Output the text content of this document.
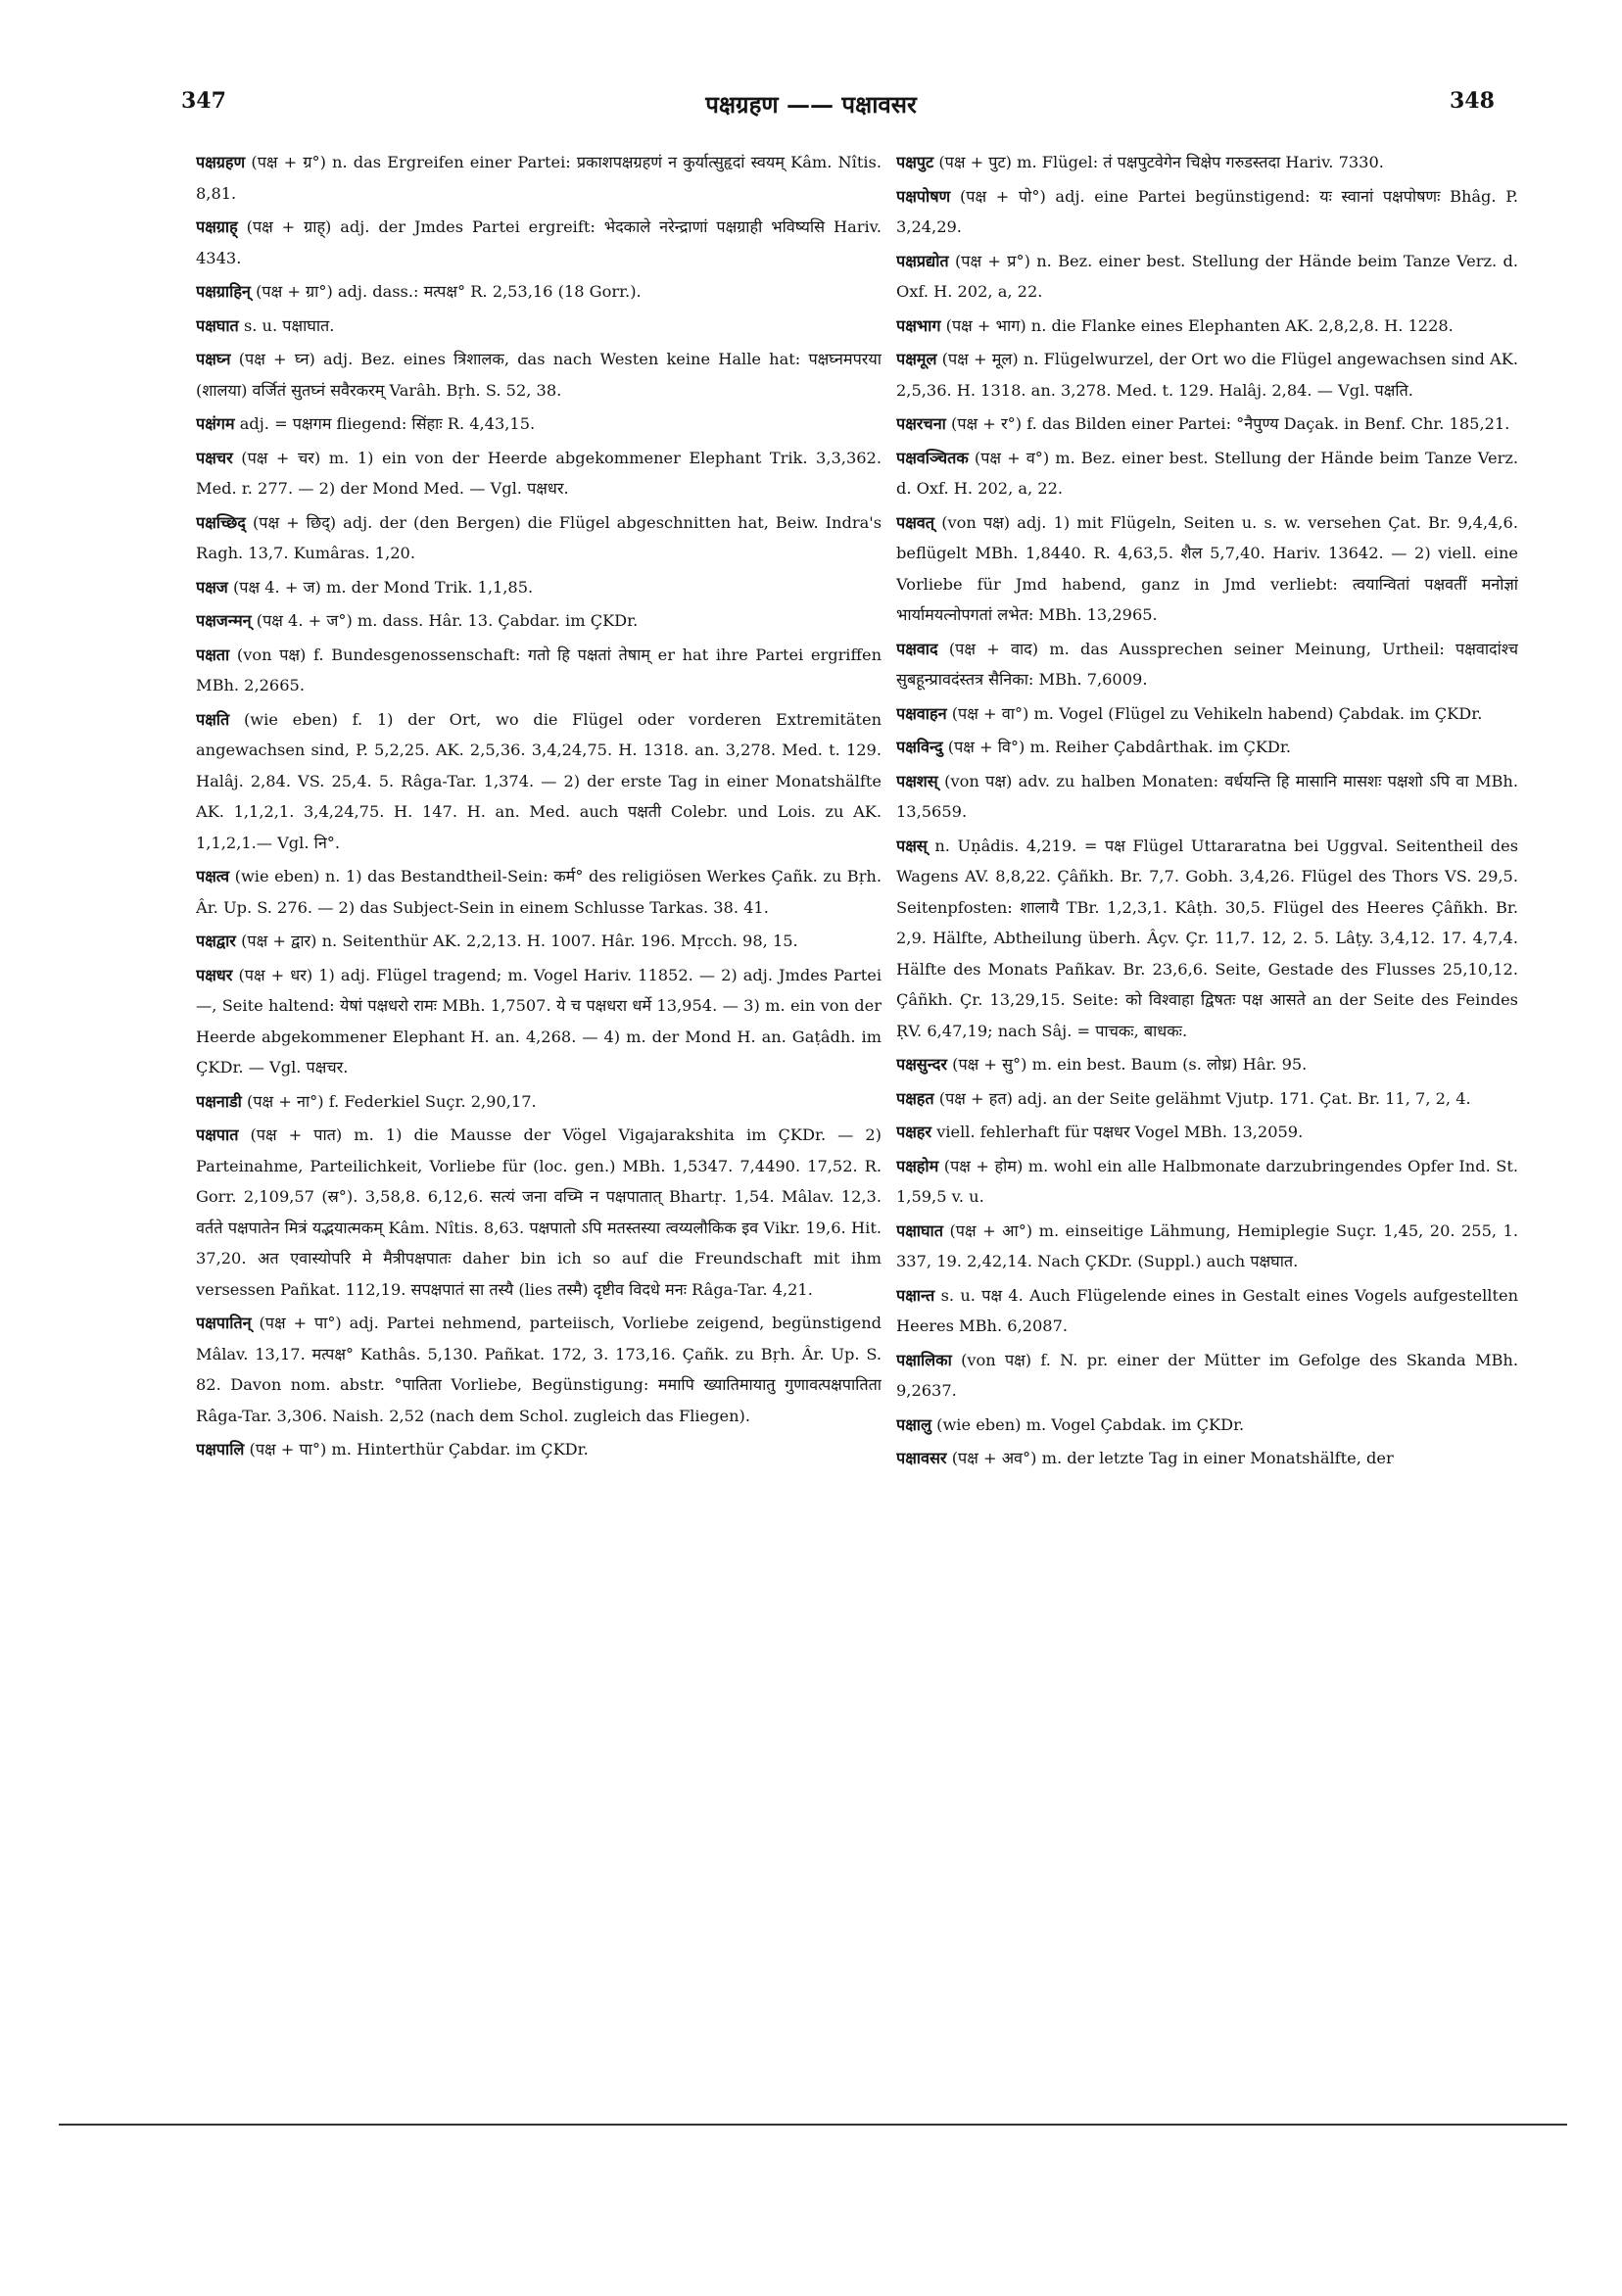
347	पक्षग्रहण —— पक्षावसर	348

पक्षग्रहण (पक्ष + ग्र°) n. das Ergreifen einer Partei: प्रकाशपक्षग्रहणं न कुर्यात्सुहृदां स्वयम् Kâm. Nîtis. 8,81.

पक्षग्राह् (पक्ष + ग्राह्) adj. der Jmdes Partei ergreift: भेदकाले नरेन्द्राणां पक्षग्राही भविष्यसि Hariv. 4343.

पक्षग्राहिन् (पक्ष + ग्रा°) adj. dass.: मत्पक्ष° R. 2,53,16 (18 Gorr.).

पक्षघात s. u. पक्षाघात.

पक्षघ्न (पक्ष + घ्न) adj. Bez. eines त्रिशालक, das nach Westen keine Halle hat: पक्षघ्नमपरया (शालया) वर्जितं सुतघ्नं सवैरकरम् Varâh. Bṛh. S. 52, 38.

पक्षंगम adj. = पक्षगम fliegend: सिंहाः R. 4,43,15.

पक्षचर (पक्ष + चर) m. 1) ein von der Heerde abgekommener Elephant Trik. 3,3,362. Med. r. 277. — 2) der Mond Med. — Vgl. पक्षधर.

पक्षच्छिद् (पक्ष + छिद्) adj. der (den Bergen) die Flügel abgeschnitten hat, Beiw. Indra's Ragh. 13,7. Kumâras. 1,20.

पक्षज (पक्ष 4. + ज) m. der Mond Trik. 1,1,85.

पक्षजन्मन् (पक्ष 4. + ज°) m. dass. Hâr. 13. Çabdar. im ÇKDr.

पक्षता (von पक्ष) f. Bundesgenossenschaft: गतो हि पक्षतां तेषाम् er hat ihre Partei ergriffen MBh. 2,2665.

पक्षति (wie eben) f. 1) der Ort, wo die Flügel oder vorderen Extremitäten angewachsen sind, P. 5,2,25. AK. 2,5,36. 3,4,24,75. H. 1318. an. 3,278. Med. t. 129. Halâj. 2,84. VS. 25,4. 5. Râga-Tar. 1,374. — 2) der erste Tag in einer Monatshälfte AK. 1,1,2,1. 3,4,24,75. H. 147. H. an. Med. auch पक्षती Colebr. und Lois. zu AK. 1,1,2,1.— Vgl. नि°.

पक्षत्व (wie eben) n. 1) das Bestandtheil-Sein: कर्म° des religiösen Werkes Çañk. zu Bṛh. Âr. Up. S. 276. — 2) das Subject-Sein in einem Schlusse Tarkas. 38. 41.

पक्षद्वार (पक्ष + द्वार) n. Seitenthür AK. 2,2,13. H. 1007. Hâr. 196. Mṛcch. 98, 15.

पक्षधर (पक्ष + धर) 1) adj. Flügel tragend; m. Vogel Hariv. 11852. — 2) adj. Jmdes Partei —, Seite haltend: येषां पक्षधरो रामः MBh. 1,7507. ये च पक्षधरा धर्मे 13,954. — 3) m. ein von der Heerde abgekommener Elephant H. an. 4,268. — 4) m. der Mond H. an. Gaṭâdh. im ÇKDr. — Vgl. पक्षचर.

पक्षनाडी (पक्ष + ना°) f. Federkiel Suçr. 2,90,17.

पक्षपात (पक्ष + पात) m. 1) die Mausse der Vögel Vigajarakshita im ÇKDr. — 2) Parteinahme, Parteilichkeit, Vorliebe für (loc. gen.) MBh. 1,5347. 7,4490. 17,52. R. Gorr. 2,109,57 (स्र°). 3,58,8. 6,12,6. सत्यं जना वच्मि न पक्षपातात् Bhartṛ. 1,54. Mâlav. 12,3. वर्तते पक्षपातेन मित्रं यद्भयात्मकम् Kâm. Nîtis. 8,63. पक्षपातो ऽपि मतस्तस्या त्वय्यलौकिक इव Vikr. 19,6. Hit. 37,20. अत एवास्योपरि मे मैत्रीपक्षपातः daher bin ich so auf die Freundschaft mit ihm versessen Pañkat. 112,19. सपक्षपातं सा तस्यै (lies तस्मै) दृष्टीव विदधे मनः Râga-Tar. 4,21.

पक्षपातिन् (पक्ष + पा°) adj. Partei nehmend, parteiisch, Vorliebe zeigend, begünstigend Mâlav. 13,17. मत्पक्ष° Kathâs. 5,130. Pañkat. 172, 3. 173,16. Çañk. zu Bṛh. Âr. Up. S. 82. Davon nom. abstr. °पातिता Vorliebe, Begünstigung: ममापि ख्यातिमायातु गुणावत्पक्षपातिता Râga-Tar. 3,306. Naish. 2,52 (nach dem Schol. zugleich das Fliegen).

पक्षपालि (पक्ष + पा°) m. Hinterthür Çabdar. im ÇKDr.

पक्षपुट (पक्ष + पुट) m. Flügel: तं पक्षपुटवेगेन चिक्षेप गरुडस्तदा Hariv. 7330.

पक्षपोषण (पक्ष + पो°) adj. eine Partei begünstigend: यः स्वानां पक्षपोषणः Bhâg. P. 3,24,29.

पक्षप्रद्योत (पक्ष + प्र°) n. Bez. einer best. Stellung der Hände beim Tanze Verz. d. Oxf. H. 202, a, 22.

पक्षभाग (पक्ष + भाग) n. die Flanke eines Elephanten AK. 2,8,2,8. H. 1228.

पक्षमूल (पक्ष + मूल) n. Flügelwurzel, der Ort wo die Flügel angewachsen sind AK. 2,5,36. H. 1318. an. 3,278. Med. t. 129. Halâj. 2,84. — Vgl. पक्षति.

पक्षरचना (पक्ष + र°) f. das Bilden einer Partei: °नैपुण्य Daçak. in Benf. Chr. 185,21.

पक्षवञ्चितक (पक्ष + व°) m. Bez. einer best. Stellung der Hände beim Tanze Verz. d. Oxf. H. 202, a, 22.

पक्षवत् (von पक्ष) adj. 1) mit Flügeln, Seiten u. s. w. versehen Çat. Br. 9,4,4,6. beflügelt MBh. 1,8440. R. 4,63,5. शैल 5,7,40. Hariv. 13642. — 2) viell. eine Vorliebe für Jmd habend, ganz in Jmd verliebt: त्वयान्वितां पक्षवतीं मनोज्ञां भार्यामयत्नोपगतां लभेत: MBh. 13,2965.

पक्षवाद (पक्ष + वाद) m. das Aussprechen seiner Meinung, Urtheil: पक्षवादांश्च सुबहून्प्रावदंस्तत्र सैनिका: MBh. 7,6009.

पक्षवाहन (पक्ष + वा°) m. Vogel (Flügel zu Vehikeln habend) Çabdak. im ÇKDr.

पक्षविन्दु (पक्ष + वि°) m. Reiher Çabdârthak. im ÇKDr.

पक्षशस् (von पक्ष) adv. zu halben Monaten: वर्धयन्ति हि मासानि मासशः पक्षशो ऽपि वा MBh. 13,5659.

पक्षस् n. Uṇâdis. 4,219. = पक्ष Flügel Uttararatna bei Uggval. Seitentheil des Wagens AV. 8,8,22. Çâñkh. Br. 7,7. Gobh. 3,4,26. Flügel des Thors VS. 29,5. Seitenpfosten: शालायै TBr. 1,2,3,1. Kâṭh. 30,5. Flügel des Heeres Çâñkh. Br. 2,9. Hälfte, Abtheilung überh. Âçv. Çr. 11,7. 12, 2. 5. Lâṭy. 3,4,12. 17. 4,7,4. Hälfte des Monats Pañkav. Br. 23,6,6. Seite, Gestade des Flusses 25,10,12. Çâñkh. Çr. 13,29,15. Seite: को विश्वाहा द्विषतः पक्ष आसते an der Seite des Feindes ṚV. 6,47,19; nach Sâj. = पाचकः, बाधकः.

पक्षसुन्दर (पक्ष + सु°) m. ein best. Baum (s. लोध्र) Hâr. 95.

पक्षहत (पक्ष + हत) adj. an der Seite gelähmt Vjutp. 171. Çat. Br. 11, 7, 2, 4.

पक्षहर viell. fehlerhaft für पक्षधर Vogel MBh. 13,2059.

पक्षहोम (पक्ष + होम) m. wohl ein alle Halbmonate darzubringendes Opfer Ind. St. 1,59,5 v. u.

पक्षाघात (पक्ष + आ°) m. einseitige Lähmung, Hemiplegie Suçr. 1,45, 20. 255, 1. 337, 19. 2,42,14. Nach ÇKDr. (Suppl.) auch पक्षघात.

पक्षान्त s. u. पक्ष 4. Auch Flügelende eines in Gestalt eines Vogels aufgestellten Heeres MBh. 6,2087.

पक्षालिका (von पक्ष) f. N. pr. einer der Mütter im Gefolge des Skanda MBh. 9,2637.

पक्षालु (wie eben) m. Vogel Çabdak. im ÇKDr.

पक्षावसर (पक्ष + अव°) m. der letzte Tag in einer Monatshälfte, der
